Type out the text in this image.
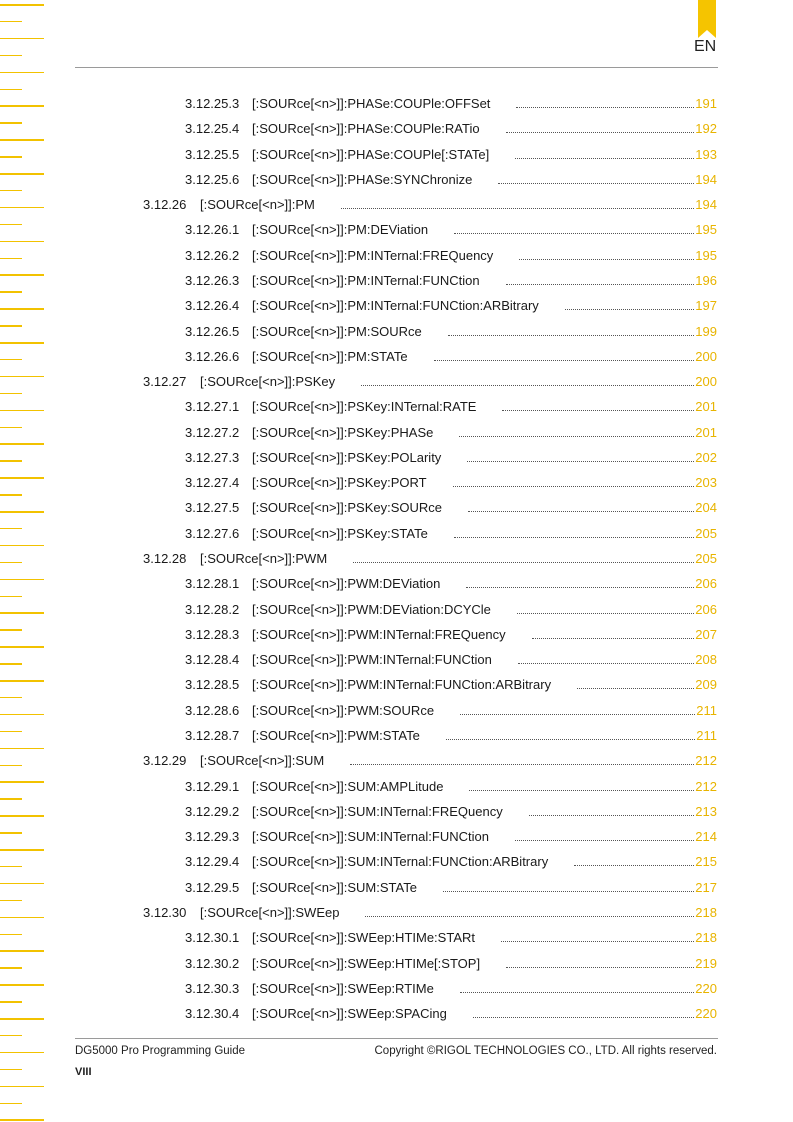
EN
3.12.25.3 [:SOURce[<n>]]:PHASe:COUPle:OFFSet	191
3.12.25.4 [:SOURce[<n>]]:PHASe:COUPle:RATio	192
3.12.25.5 [:SOURce[<n>]]:PHASe:COUPle[:STATe]	193
3.12.25.6 [:SOURce[<n>]]:PHASe:SYNChronize	194
3.12.26	[:SOURce[<n>]]:PM	194
3.12.26.1 [:SOURce[<n>]]:PM:DEViation	195
3.12.26.2 [:SOURce[<n>]]:PM:INTernal:FREQuency	195
3.12.26.3 [:SOURce[<n>]]:PM:INTernal:FUNCtion	196
3.12.26.4 [:SOURce[<n>]]:PM:INTernal:FUNCtion:ARBitrary	197
3.12.26.5 [:SOURce[<n>]]:PM:SOURce	199
3.12.26.6 [:SOURce[<n>]]:PM:STATe	200
3.12.27	[:SOURce[<n>]]:PSKey	200
3.12.27.1 [:SOURce[<n>]]:PSKey:INTernal:RATE	201
3.12.27.2 [:SOURce[<n>]]:PSKey:PHASe	201
3.12.27.3 [:SOURce[<n>]]:PSKey:POLarity	202
3.12.27.4 [:SOURce[<n>]]:PSKey:PORT	203
3.12.27.5 [:SOURce[<n>]]:PSKey:SOURce	204
3.12.27.6 [:SOURce[<n>]]:PSKey:STATe	205
3.12.28	[:SOURce[<n>]]:PWM	205
3.12.28.1 [:SOURce[<n>]]:PWM:DEViation	206
3.12.28.2 [:SOURce[<n>]]:PWM:DEViation:DCYCle	206
3.12.28.3 [:SOURce[<n>]]:PWM:INTernal:FREQuency	207
3.12.28.4 [:SOURce[<n>]]:PWM:INTernal:FUNCtion	208
3.12.28.5 [:SOURce[<n>]]:PWM:INTernal:FUNCtion:ARBitrary	209
3.12.28.6 [:SOURce[<n>]]:PWM:SOURce	211
3.12.28.7 [:SOURce[<n>]]:PWM:STATe	211
3.12.29	[:SOURce[<n>]]:SUM	212
3.12.29.1 [:SOURce[<n>]]:SUM:AMPLitude	212
3.12.29.2 [:SOURce[<n>]]:SUM:INTernal:FREQuency	213
3.12.29.3 [:SOURce[<n>]]:SUM:INTernal:FUNCtion	214
3.12.29.4 [:SOURce[<n>]]:SUM:INTernal:FUNCtion:ARBitrary	215
3.12.29.5 [:SOURce[<n>]]:SUM:STATe	217
3.12.30	[:SOURce[<n>]]:SWEep	218
3.12.30.1 [:SOURce[<n>]]:SWEep:HTIMe:STARt	218
3.12.30.2 [:SOURce[<n>]]:SWEep:HTIMe[:STOP]	219
3.12.30.3 [:SOURce[<n>]]:SWEep:RTIMe	220
3.12.30.4 [:SOURce[<n>]]:SWEep:SPACing	220
DG5000 Pro Programming Guide	Copyright ©RIGOL TECHNOLOGIES CO., LTD. All rights reserved.
VIII
